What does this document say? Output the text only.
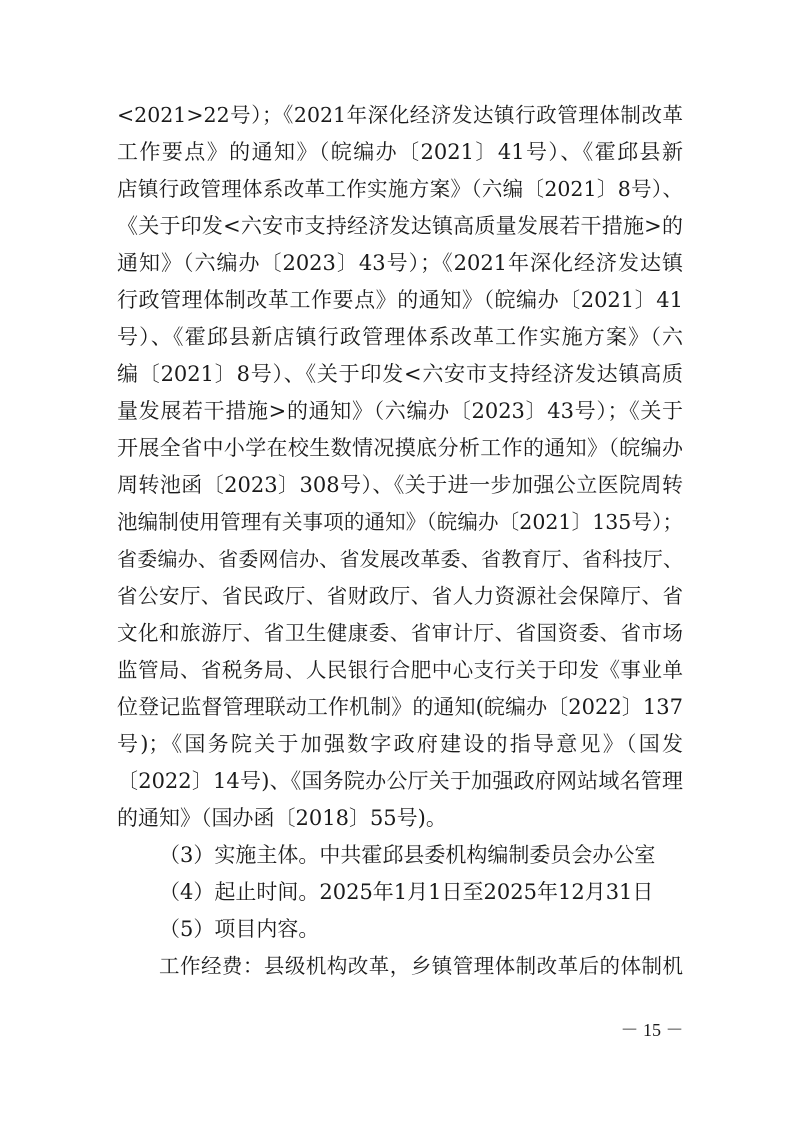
<2021>22号）；《2021年深化经济发达镇行政管理体制改革
工作要点》的通知》（皖编办〔2021〕41号）、《霍邱县新
店镇行政管理体系改革工作实施方案》（六编〔2021〕8号）、
《关于印发<六安市支持经济发达镇高质量发展若干措施>的
通知》（六编办〔2023〕43号）；《2021年深化经济发达镇
行政管理体制改革工作要点》的通知》（皖编办〔2021〕41
号）、《霍邱县新店镇行政管理体系改革工作实施方案》（六
编〔2021〕8号）、《关于印发<六安市支持经济发达镇高质
量发展若干措施>的通知》（六编办〔2023〕43号）；《关于
开展全省中小学在校生数情况摸底分析工作的通知》（皖编办
周转池函〔2023〕308号）、《关于进一步加强公立医院周转
池编制使用管理有关事项的通知》（皖编办〔2021〕135号）；
省委编办、省委网信办、省发展改革委、省教育厅、省科技厅、
省公安厅、省民政厅、省财政厅、省人力资源社会保障厅、省
文化和旅游厅、省卫生健康委、省审计厅、省国资委、省市场
监管局、省税务局、人民银行合肥中心支行关于印发《事业单
位登记监督管理联动工作机制》的通知(皖编办〔2022〕137
号)；《国务院关于加强数字政府建设的指导意见》（国发
〔2022〕14号)、《国务院办公厅关于加强政府网站域名管理
的通知》（国办函〔2018〕55号)。
（3）实施主体。中共霍邱县委机构编制委员会办公室
（4）起止时间。2025年1月1日至2025年12月31日
（5）项目内容。
工作经费：县级机构改革，乡镇管理体制改革后的体制机
－ 15 －
